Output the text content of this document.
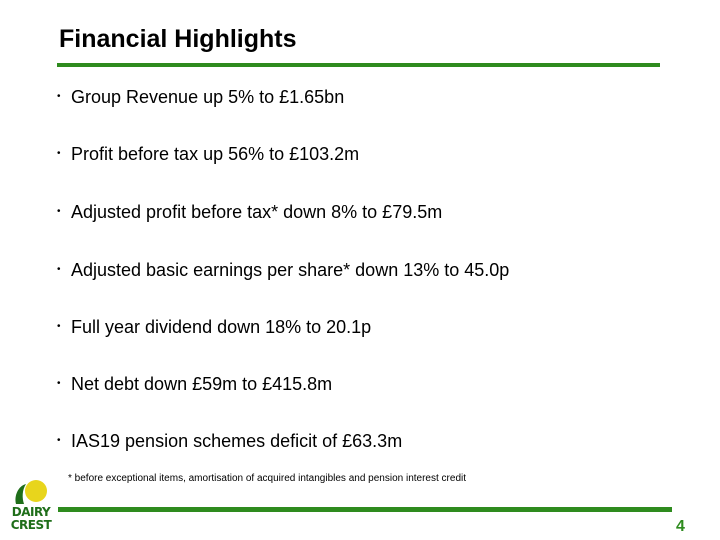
Financial Highlights
• Group Revenue up 5% to £1.65bn
• Profit before tax up 56% to £103.2m
• Adjusted profit before tax* down 8% to £79.5m
• Adjusted basic earnings per share* down 13% to 45.0p
• Full year dividend down 18% to 20.1p
• Net debt down £59m to £415.8m
• IAS19 pension schemes deficit of £63.3m
* before exceptional items, amortisation of acquired intangibles and pension interest credit
4
DAIRY
CREST
